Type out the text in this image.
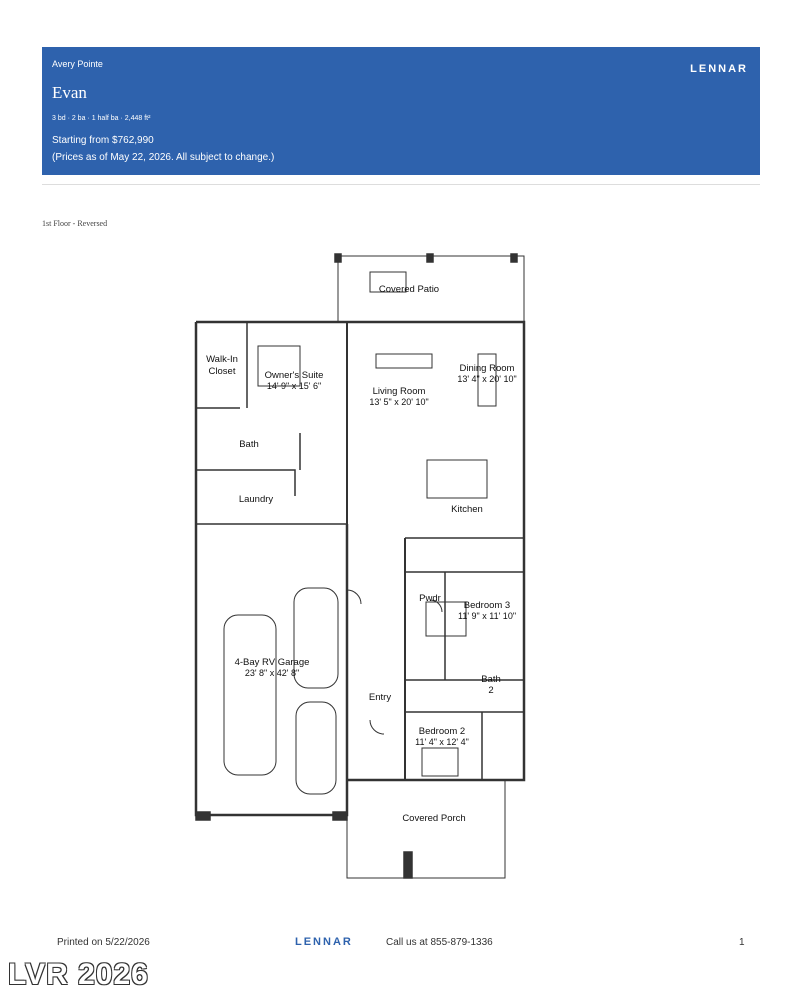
Avery Pointe
Evan
3 bd · 2 ba · 1 half ba · 2,448 ft²
Starting from $762,990
(Prices as of May 22, 2026. All subject to change.)
LENNAR
1st Floor - Reversed
Covered Patio
Walk-In
Closet	Owner's Suite
14' 9" x 15' 6"	Living Room
13' 5" x 20' 10"
Dining Room
13' 4" x 20' 10"
Bath
Laundry
Kitchen
Pwdr
Bedroom 3
11' 9" x 11' 10"
4-Bay RV Garage
23' 8" x 42' 8"
Bath
2
Entry
Bedroom 2
11' 4" x 12' 4"
Covered Porch
Printed on 5/22/2026	LENNAR	Call us at 855-879-1336	1
LVR 2026
